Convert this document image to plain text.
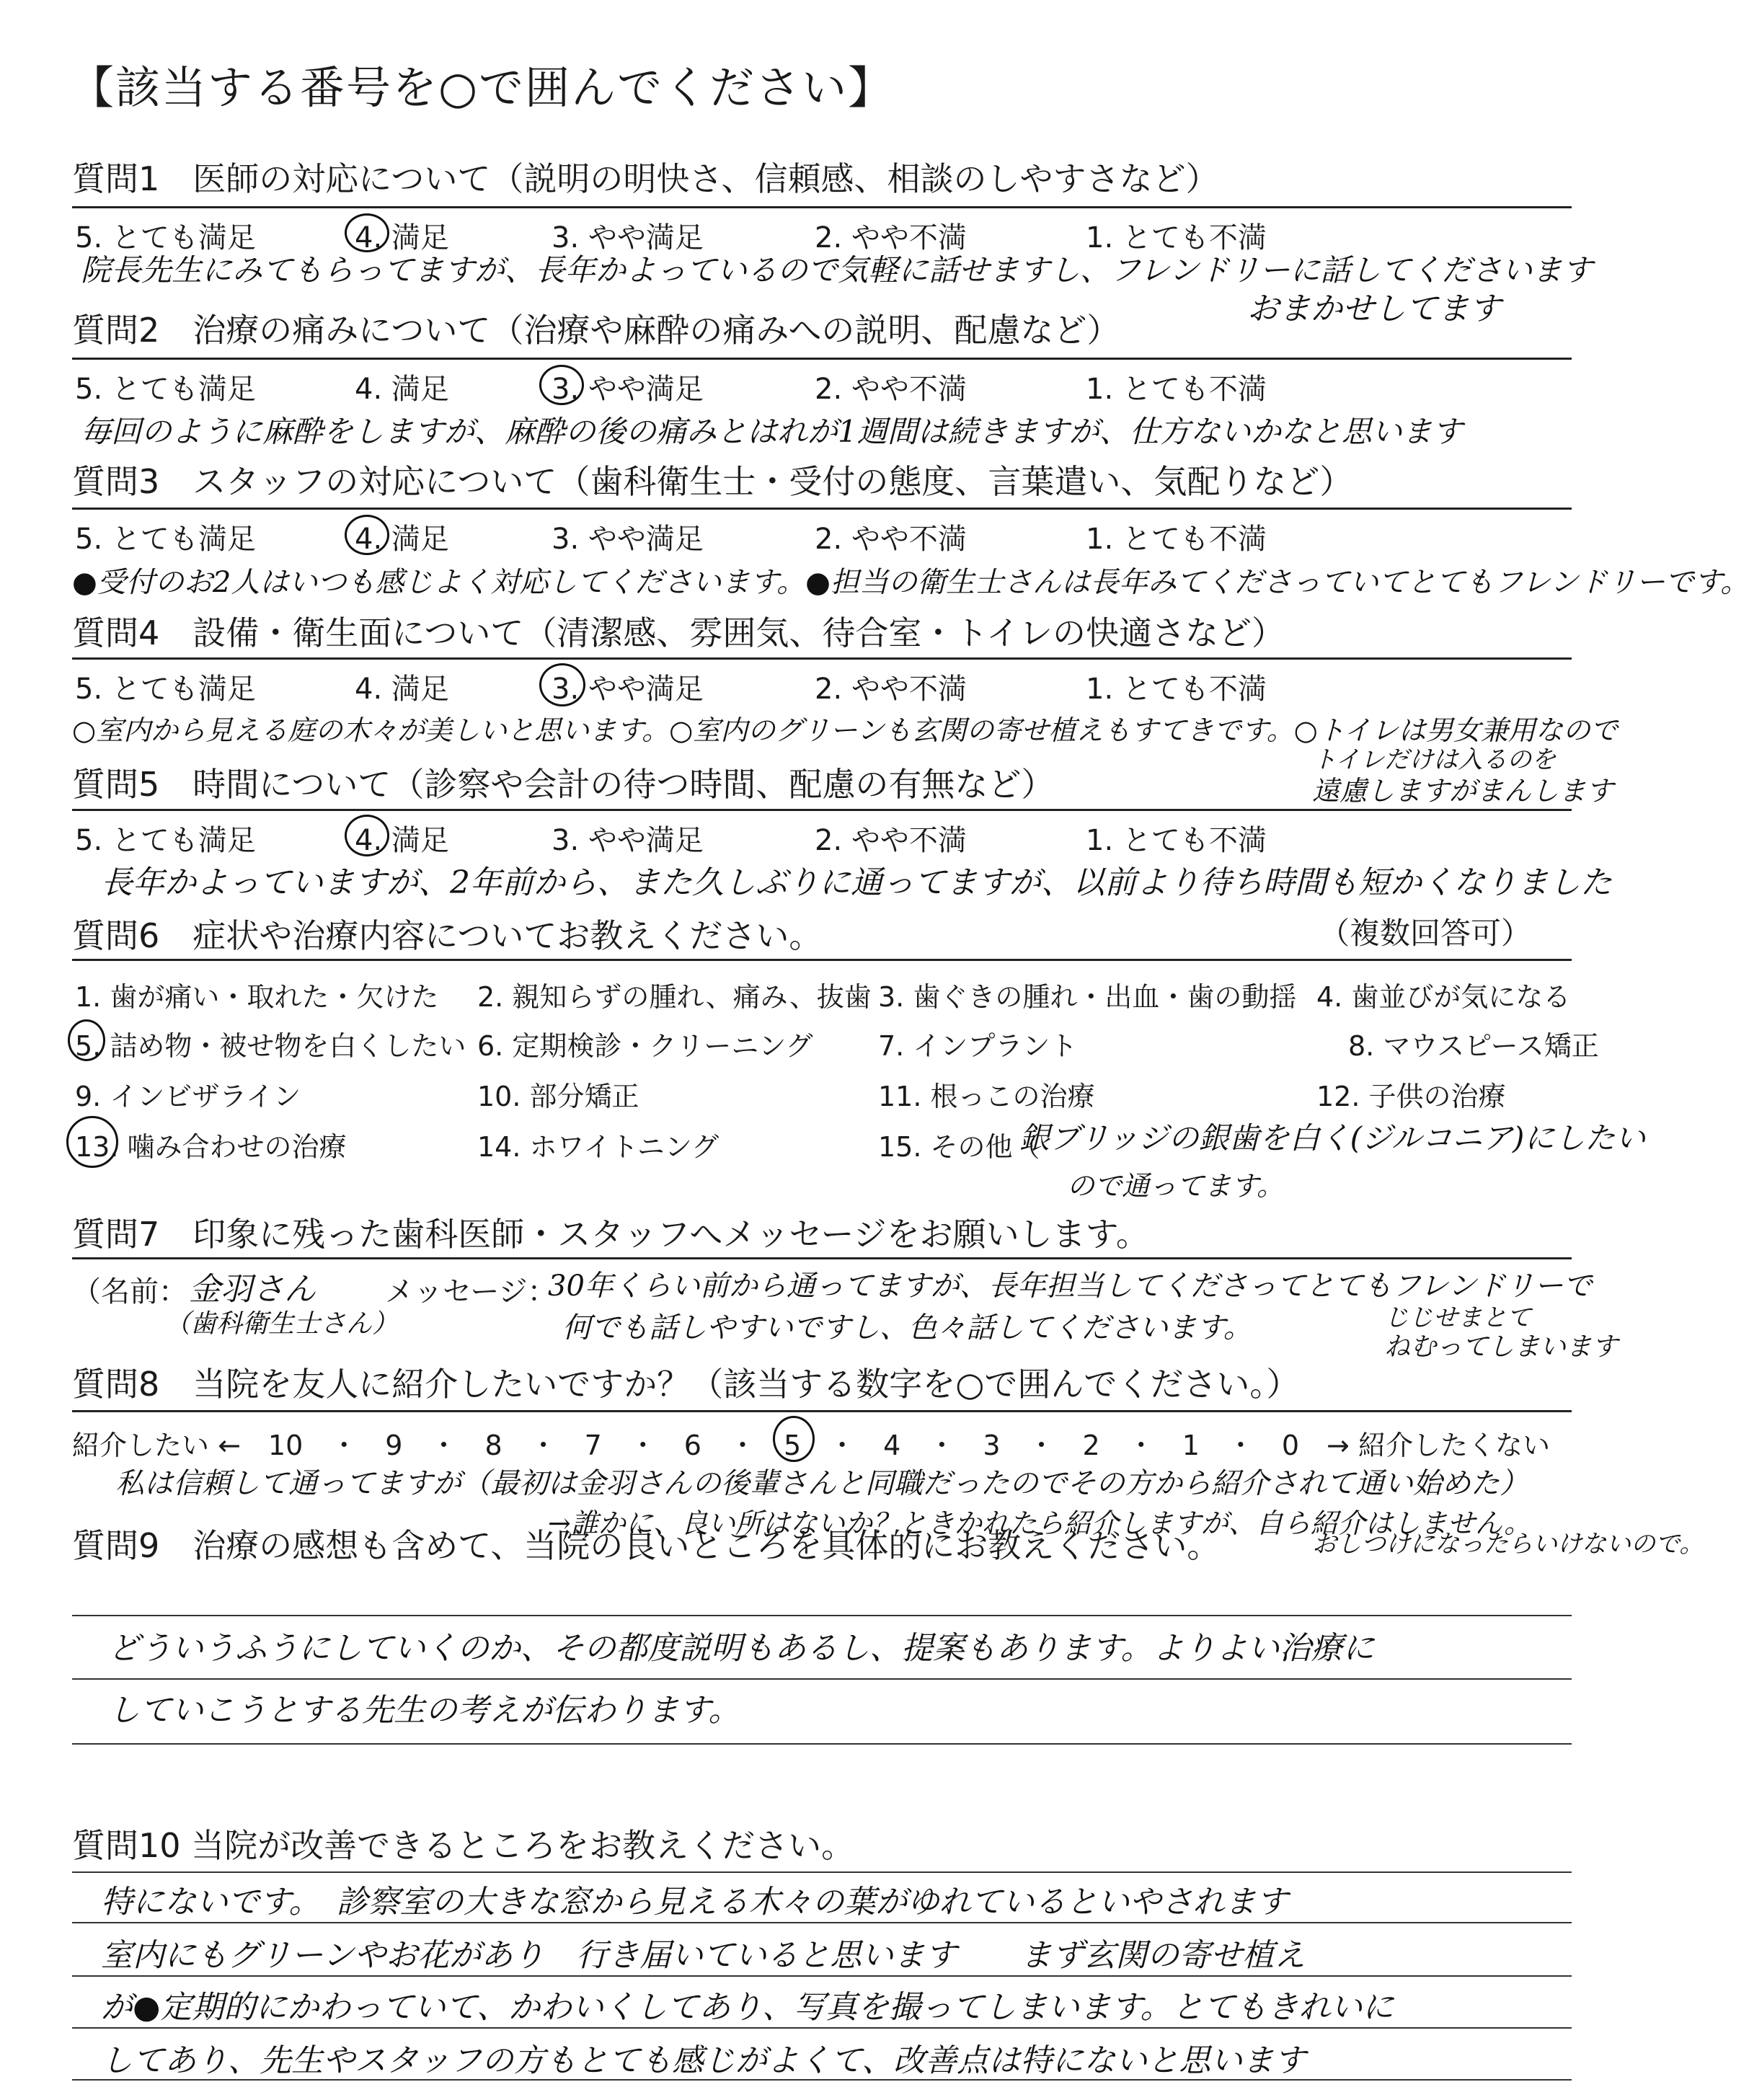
【該当する番号を○で囲んでください】
質問1　医師の対応について（説明の明快さ、信頼感、相談のしやすさなど）
5. とても満足	4. 満足	3. やや満足	2. やや不満	1. とても不満
院長先生にみてもらってますが、長年かよっているので気軽に話せますし、フレンドリーに話してくださいます
おまかせしてます
質問2　治療の痛みについて（治療や麻酔の痛みへの説明、配慮など）
5. とても満足	4. 満足	3. やや満足	2. やや不満	1. とても不満
毎回のように麻酔をしますが、麻酔の後の痛みとはれが1週間は続きますが、仕方ないかなと思います
質問3　スタッフの対応について（歯科衛生士・受付の態度、言葉遣い、気配りなど）
5. とても満足	4. 満足	3. やや満足	2. やや不満	1. とても不満
●受付のお2人はいつも感じよく対応してくださいます。●担当の衛生士さんは長年みてくださっていてとてもフレンドリーです。
質問4　設備・衛生面について（清潔感、雰囲気、待合室・トイレの快適さなど）
5. とても満足	4. 満足	3. やや満足	2. やや不満	1. とても不満
○室内から見える庭の木々が美しいと思います。○室内のグリーンも玄関の寄せ植えもすてきです。○トイレは男女兼用なので
トイレだけは入るのを
遠慮しますがまんします
質問5　時間について（診察や会計の待つ時間、配慮の有無など）
5. とても満足	4. 満足	3. やや満足	2. やや不満	1. とても不満
長年かよっていますが、2年前から、また久しぶりに通ってますが、以前より待ち時間も短かくなりました
質問6　症状や治療内容についてお教えください。	（複数回答可）
1. 歯が痛い・取れた・欠けた 2. 親知らずの腫れ、痛み、抜歯 3. 歯ぐきの腫れ・出血・歯の動揺 4. 歯並びが気になる
5. 詰め物・被せ物を白くしたい 6. 定期検診・クリーニング 7. インプラント	8. マウスピース矯正
9. インビザライン	10. 部分矯正	11. 根っこの治療	12. 子供の治療
13. 噛み合わせの治療	14. ホワイトニング	15. その他（
銀ブリッジの銀歯を白く(ジルコニア)にしたい
ので通ってます。
質問7　印象に残った歯科医師・スタッフへメッセージをお願いします。
（名前： 金羽さん
（歯科衛生士さん）
メッセージ：
30年くらい前から通ってますが、長年担当してくださってとてもフレンドリーで
何でも話しやすいですし、色々話してくださいます。	じじせまとて
ねむってしまいます
質問8　当院を友人に紹介したいですか？（該当する数字を○で囲んでください。）
紹介したい ←　10　・　9　・　8　・　7　・　6　・　5　・　4　・　3　・　2　・　1　・　0　→ 紹介したくない
私は信頼して通ってますが（最初は金羽さんの後輩さんと同職だったのでその方から紹介されて通い始めた）
→誰かに、良い所はないか？ときかれたら紹介しますが、自ら紹介はしません。
質問9　治療の感想も含めて、当院の良いところを具体的にお教えください。	おしつけになったらいけないので。
どういうふうにしていくのか、その都度説明もあるし、提案もあります。よりよい治療に
していこうとする先生の考えが伝わります。
質問10 当院が改善できるところをお教えください。
特にないです。　診察室の大きな窓から見える木々の葉がゆれているといやされます
室内にもグリーンやお花があり　行き届いていると思います　　まず玄関の寄せ植え
が●定期的にかわっていて、かわいくしてあり、写真を撮ってしまいます。とてもきれいに
してあり、先生やスタッフの方もとても感じがよくて、改善点は特にないと思います
